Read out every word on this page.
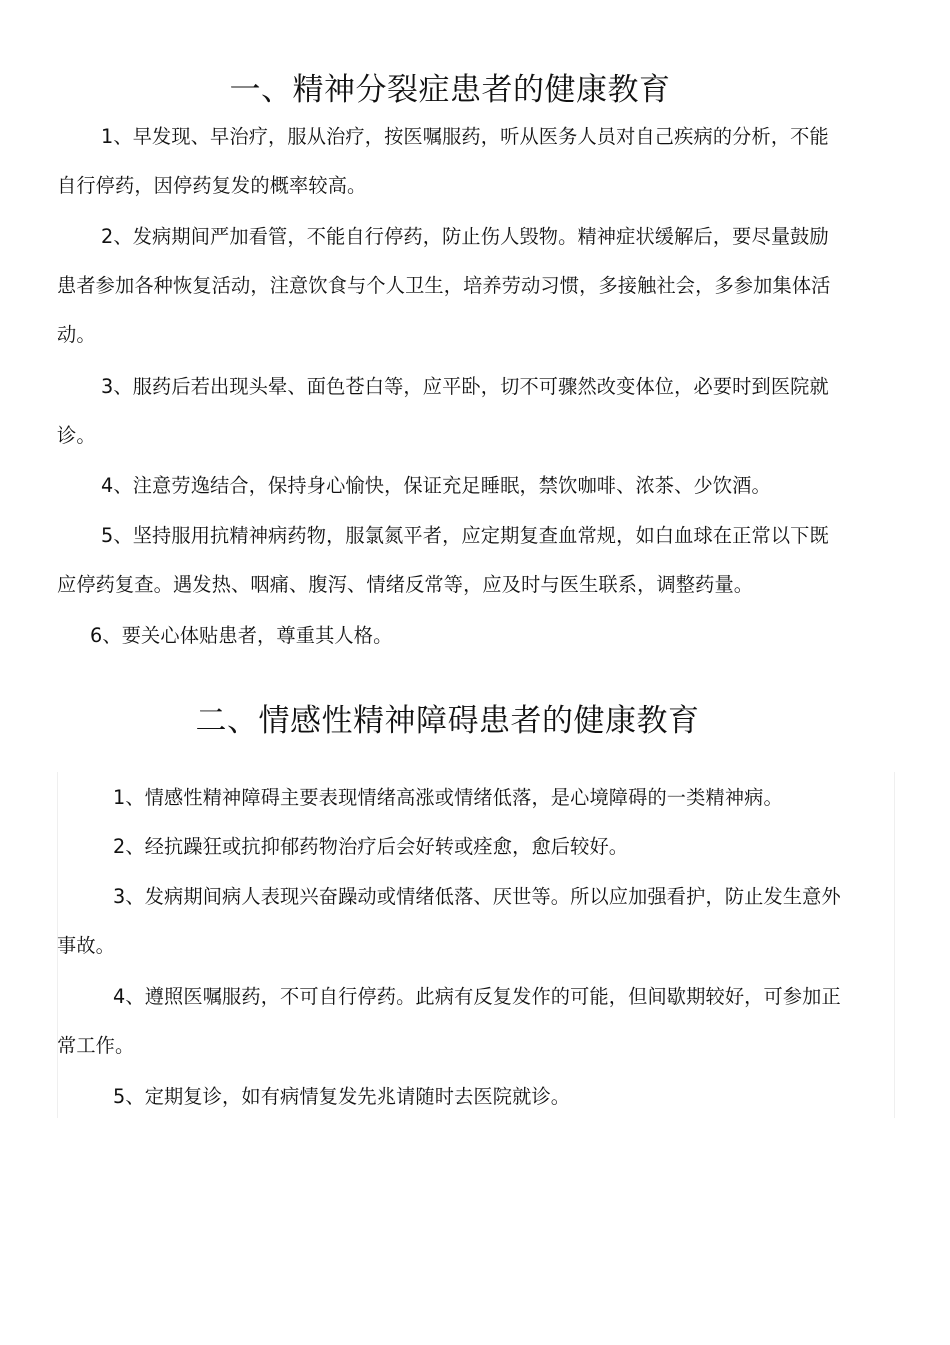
一、精神分裂症患者的健康教育

1、早发现、早治疗，服从治疗，按医嘱服药，听从医务人员对自己疾病的分析，不能自行停药，因停药复发的概率较高。

2、发病期间严加看管，不能自行停药，防止伤人毁物。精神症状缓解后，要尽量鼓励患者参加各种恢复活动，注意饮食与个人卫生，培养劳动习惯，多接触社会，多参加集体活动。

3、服药后若出现头晕、面色苍白等，应平卧，切不可骤然改变体位，必要时到医院就诊。

4、注意劳逸结合，保持身心愉快，保证充足睡眠，禁饮咖啡、浓茶、少饮酒。

5、坚持服用抗精神病药物，服氯氮平者，应定期复查血常规，如白血球在正常以下既应停药复查。遇发热、咽痛、腹泻、情绪反常等，应及时与医生联系，调整药量。

6、要关心体贴患者，尊重其人格。

二、情感性精神障碍患者的健康教育

1、情感性精神障碍主要表现情绪高涨或情绪低落，是心境障碍的一类精神病。

2、经抗躁狂或抗抑郁药物治疗后会好转或痊愈，愈后较好。

3、发病期间病人表现兴奋躁动或情绪低落、厌世等。所以应加强看护，防止发生意外事故。

4、遵照医嘱服药，不可自行停药。此病有反复发作的可能，但间歇期较好，可参加正常工作。

5、定期复诊，如有病情复发先兆请随时去医院就诊。
